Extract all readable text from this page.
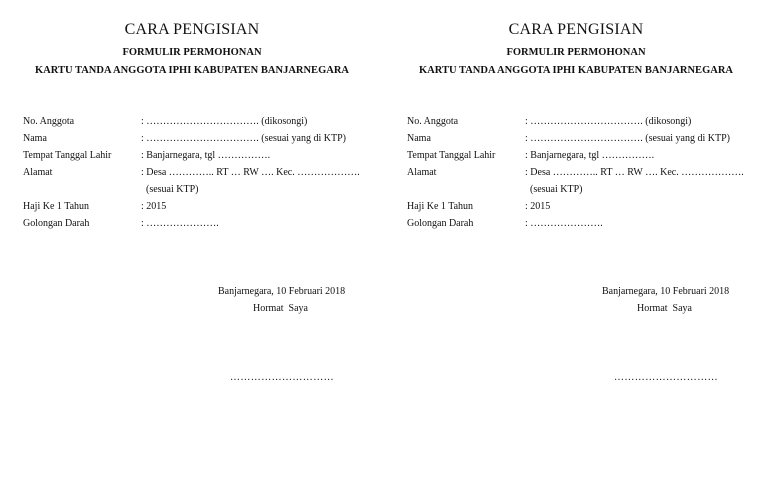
CARA PENGISIAN
FORMULIR PERMOHONAN
KARTU TANDA ANGGOTA IPHI KABUPATEN BANJARNEGARA
No. Anggota	: ……………………………. (dikosongi)
Nama	: ……………………………. (sesuai yang di KTP)
Tempat Tanggal Lahir	: Banjarnegara, tgl …………….
Alamat	: Desa ………….. RT … RW …. Kec. ……………….
(sesuai KTP)
Haji Ke 1 Tahun	: 2015
Golongan Darah	: ………………….
Banjarnegara, 10 Februari 2018
Hormat  Saya
…………………………
CARA PENGISIAN
FORMULIR PERMOHONAN
KARTU TANDA ANGGOTA IPHI KABUPATEN BANJARNEGARA
No. Anggota	: ……………………………. (dikosongi)
Nama	: ……………………………. (sesuai yang di KTP)
Tempat Tanggal Lahir	: Banjarnegara, tgl …………….
Alamat	: Desa ………….. RT … RW …. Kec. ……………….
(sesuai KTP)
Haji Ke 1 Tahun	: 2015
Golongan Darah	: ………………….
Banjarnegara, 10 Februari 2018
Hormat  Saya
…………………………
